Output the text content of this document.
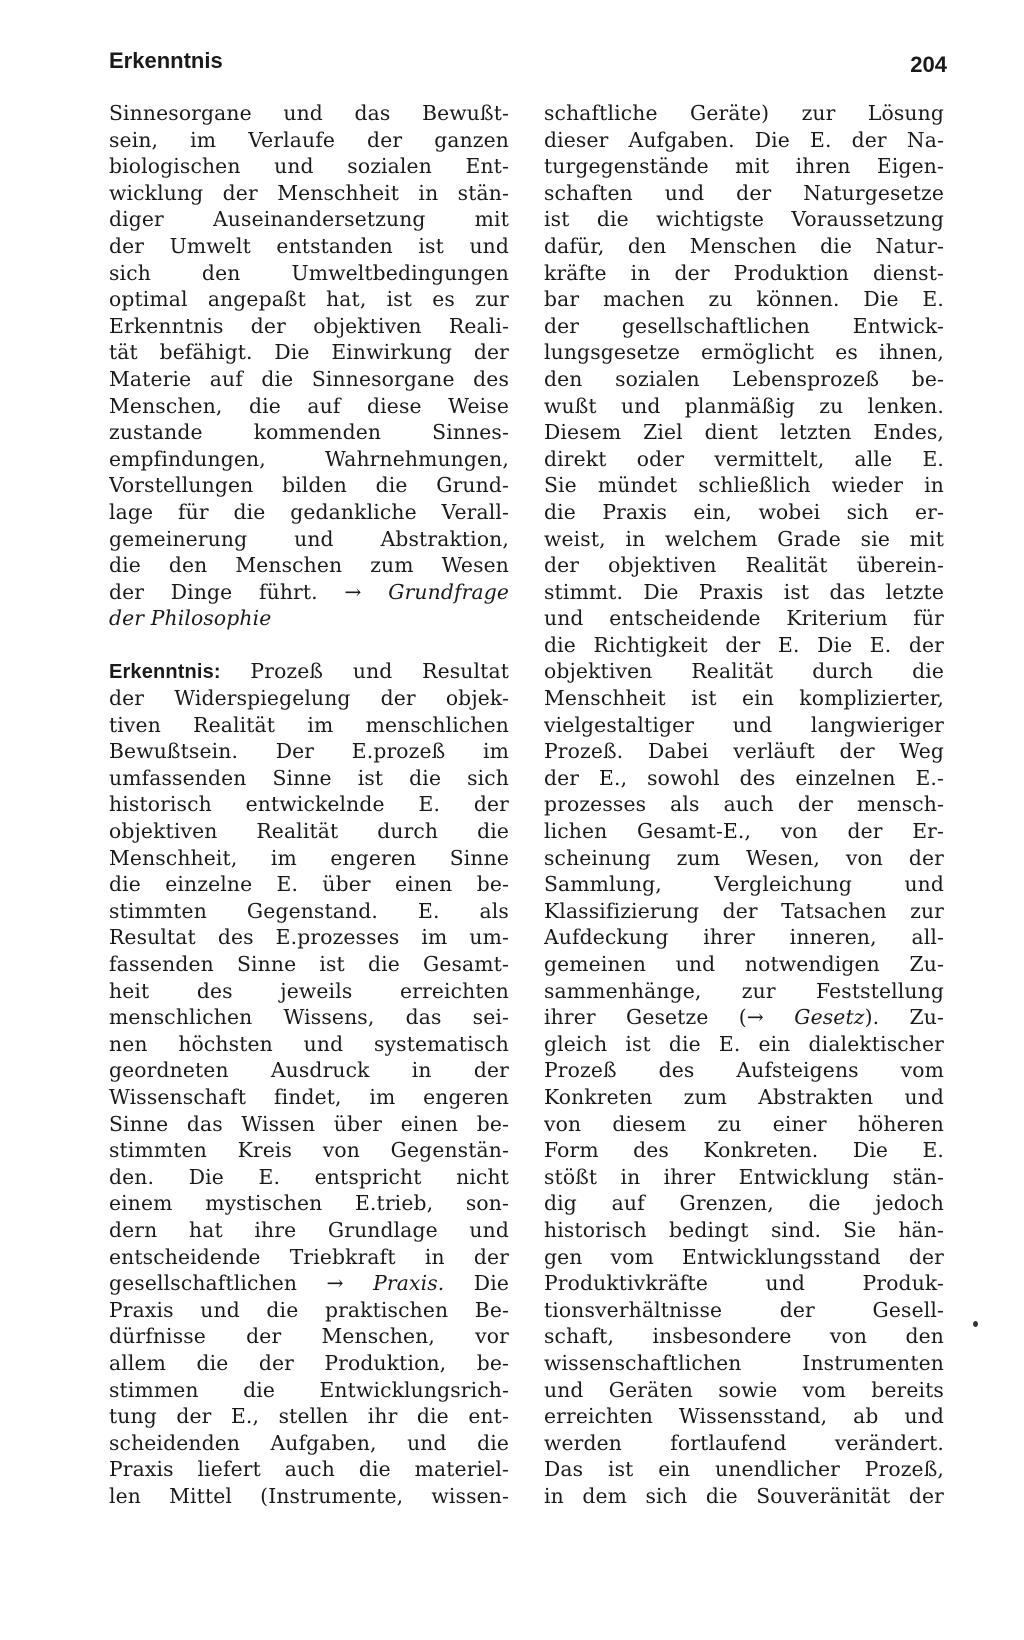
Erkenntnis	204
Sinnesorgane und das Bewußt-
sein, im Verlaufe der ganzen
biologischen und sozialen Ent-
wicklung der Menschheit in stän-
diger Auseinandersetzung mit
der Umwelt entstanden ist und
sich den Umweltbedingungen
optimal angepaßt hat, ist es zur
Erkenntnis der objektiven Reali-
tät befähigt. Die Einwirkung der
Materie auf die Sinnesorgane des
Menschen, die auf diese Weise
zustande kommenden Sinnes-
empfindungen, Wahrnehmungen,
Vorstellungen bilden die Grund-
lage für die gedankliche Verall-
gemeinerung und Abstraktion,
die den Menschen zum Wesen
der Dinge führt. → Grundfrage
der Philosophie
Erkenntnis: Prozeß und Resultat
der Widerspiegelung der objek-
tiven Realität im menschlichen
Bewußtsein. Der E.prozeß im
umfassenden Sinne ist die sich
historisch entwickelnde E. der
objektiven Realität durch die
Menschheit, im engeren Sinne
die einzelne E. über einen be-
stimmten Gegenstand. E. als
Resultat des E.prozesses im um-
fassenden Sinne ist die Gesamt-
heit des jeweils erreichten
menschlichen Wissens, das sei-
nen höchsten und systematisch
geordneten Ausdruck in der
Wissenschaft findet, im engeren
Sinne das Wissen über einen be-
stimmten Kreis von Gegenstän-
den. Die E. entspricht nicht
einem mystischen E.trieb, son-
dern hat ihre Grundlage und
entscheidende Triebkraft in der
gesellschaftlichen → Praxis. Die
Praxis und die praktischen Be-
dürfnisse der Menschen, vor
allem die der Produktion, be-
stimmen die Entwicklungsrich-
tung der E., stellen ihr die ent-
scheidenden Aufgaben, und die
Praxis liefert auch die materiel-
len Mittel (Instrumente, wissen-
schaftliche Geräte) zur Lösung
dieser Aufgaben. Die E. der Na-
turgegenstände mit ihren Eigen-
schaften und der Naturgesetze
ist die wichtigste Voraussetzung
dafür, den Menschen die Natur-
kräfte in der Produktion dienst-
bar machen zu können. Die E.
der gesellschaftlichen Entwick-
lungsgesetze ermöglicht es ihnen,
den sozialen Lebensprozeß be-
wußt und planmäßig zu lenken.
Diesem Ziel dient letzten Endes,
direkt oder vermittelt, alle E.
Sie mündet schließlich wieder in
die Praxis ein, wobei sich er-
weist, in welchem Grade sie mit
der objektiven Realität überein-
stimmt. Die Praxis ist das letzte
und entscheidende Kriterium für
die Richtigkeit der E. Die E. der
objektiven Realität durch die
Menschheit ist ein komplizierter,
vielgestaltiger und langwieriger
Prozeß. Dabei verläuft der Weg
der E., sowohl des einzelnen E.-
prozesses als auch der mensch-
lichen Gesamt-E., von der Er-
scheinung zum Wesen, von der
Sammlung, Vergleichung und
Klassifizierung der Tatsachen zur
Aufdeckung ihrer inneren, all-
gemeinen und notwendigen Zu-
sammenhänge, zur Feststellung
ihrer Gesetze (→ Gesetz). Zu-
gleich ist die E. ein dialektischer
Prozeß des Aufsteigens vom
Konkreten zum Abstrakten und
von diesem zu einer höheren
Form des Konkreten. Die E.
stößt in ihrer Entwicklung stän-
dig auf Grenzen, die jedoch
historisch bedingt sind. Sie hän-
gen vom Entwicklungsstand der
Produktivkräfte und Produk-
tionsverhältnisse der Gesell-
schaft, insbesondere von den
wissenschaftlichen Instrumenten
und Geräten sowie vom bereits
erreichten Wissensstand, ab und
werden fortlaufend verändert.
Das ist ein unendlicher Prozeß,
in dem sich die Souveränität der
